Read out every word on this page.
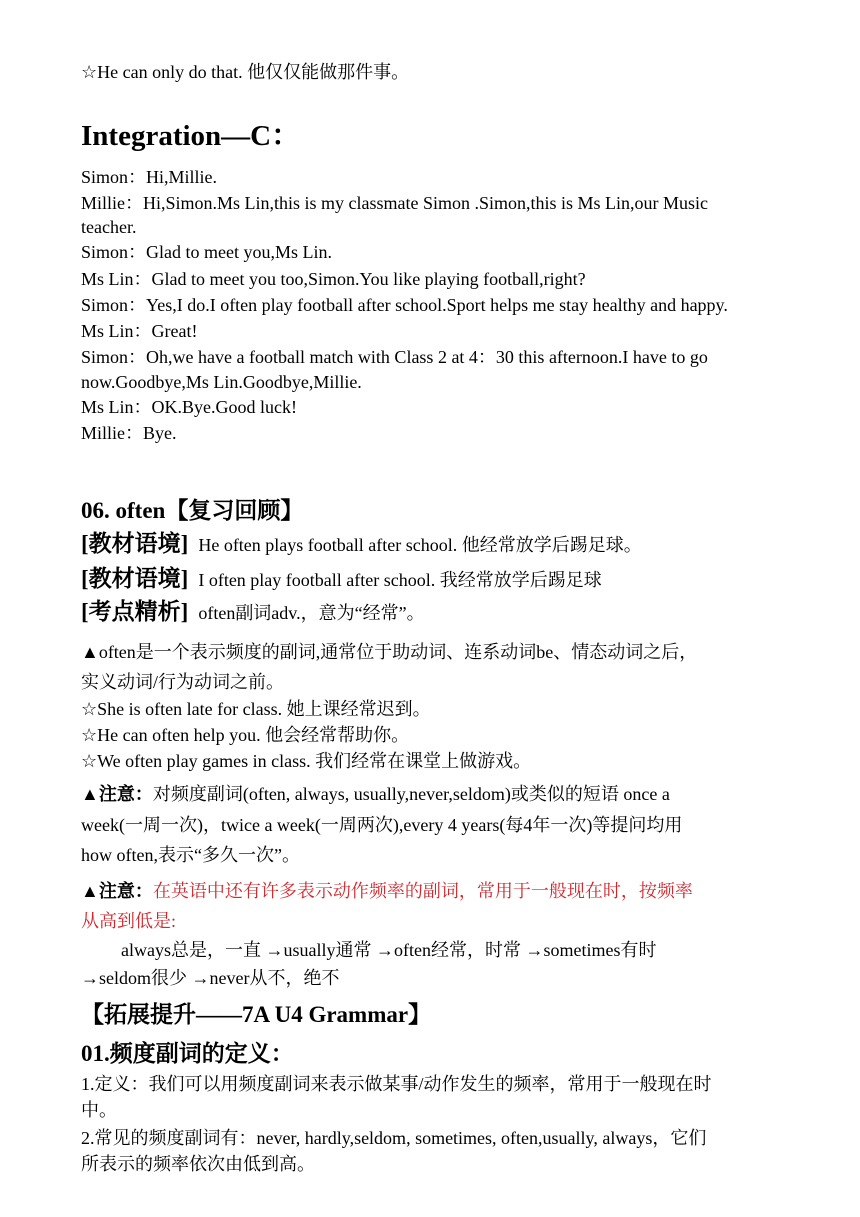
☆He can only do that. 他仅仅能做那件事。
Integration—C：
Simon：Hi,Millie.
Millie：Hi,Simon.Ms Lin,this is my classmate Simon .Simon,this is Ms Lin,our Music
teacher.
Simon：Glad to meet you,Ms Lin.
Ms Lin：Glad to meet you too,Simon.You like playing football,right?
Simon：Yes,I do.I often play football after school.Sport helps me stay healthy and happy.
Ms Lin：Great!
Simon：Oh,we have a football match with Class 2 at 4：30 this afternoon.I have to go
now.Goodbye,Ms Lin.Goodbye,Millie.
Ms Lin：OK.Bye.Good luck!
Millie：Bye.
06. often【复习回顾】
[教材语境] He often plays football after school. 他经常放学后踢足球。
[教材语境] I often play football after school. 我经常放学后踢足球
[考点精析] often副词adv.，意为“经常”。
▲often是一个表示频度的副词,通常位于助动词、连系动词be、情态动词之后，
实义动词/行为动词之前。
☆She is often late for class. 她上课经常迟到。
☆He can often help you. 他会经常帮助你。
☆We often play games in class. 我们经常在课堂上做游戏。
▲注意：对频度副词(often, always, usually,never,seldom)或类似的短语 once a
week(一周一次)，twice a week(一周两次),every 4 years(每4年一次)等提问均用
how often,表示“多久一次”。
▲注意：在英语中还有许多表示动作频率的副词，常用于一般现在时，按频率
从高到低是:
always总是，一直 →usually通常 →often经常，时常 →sometimes有时
→seldom很少 →never从不，绝不
【拓展提升——7A U4 Grammar】
01.频度副词的定义：
1.定义：我们可以用频度副词来表示做某事/动作发生的频率，常用于一般现在时
中。
2.常见的频度副词有：never, hardly,seldom, sometimes, often,usually, always，它们
所表示的频率依次由低到高。
